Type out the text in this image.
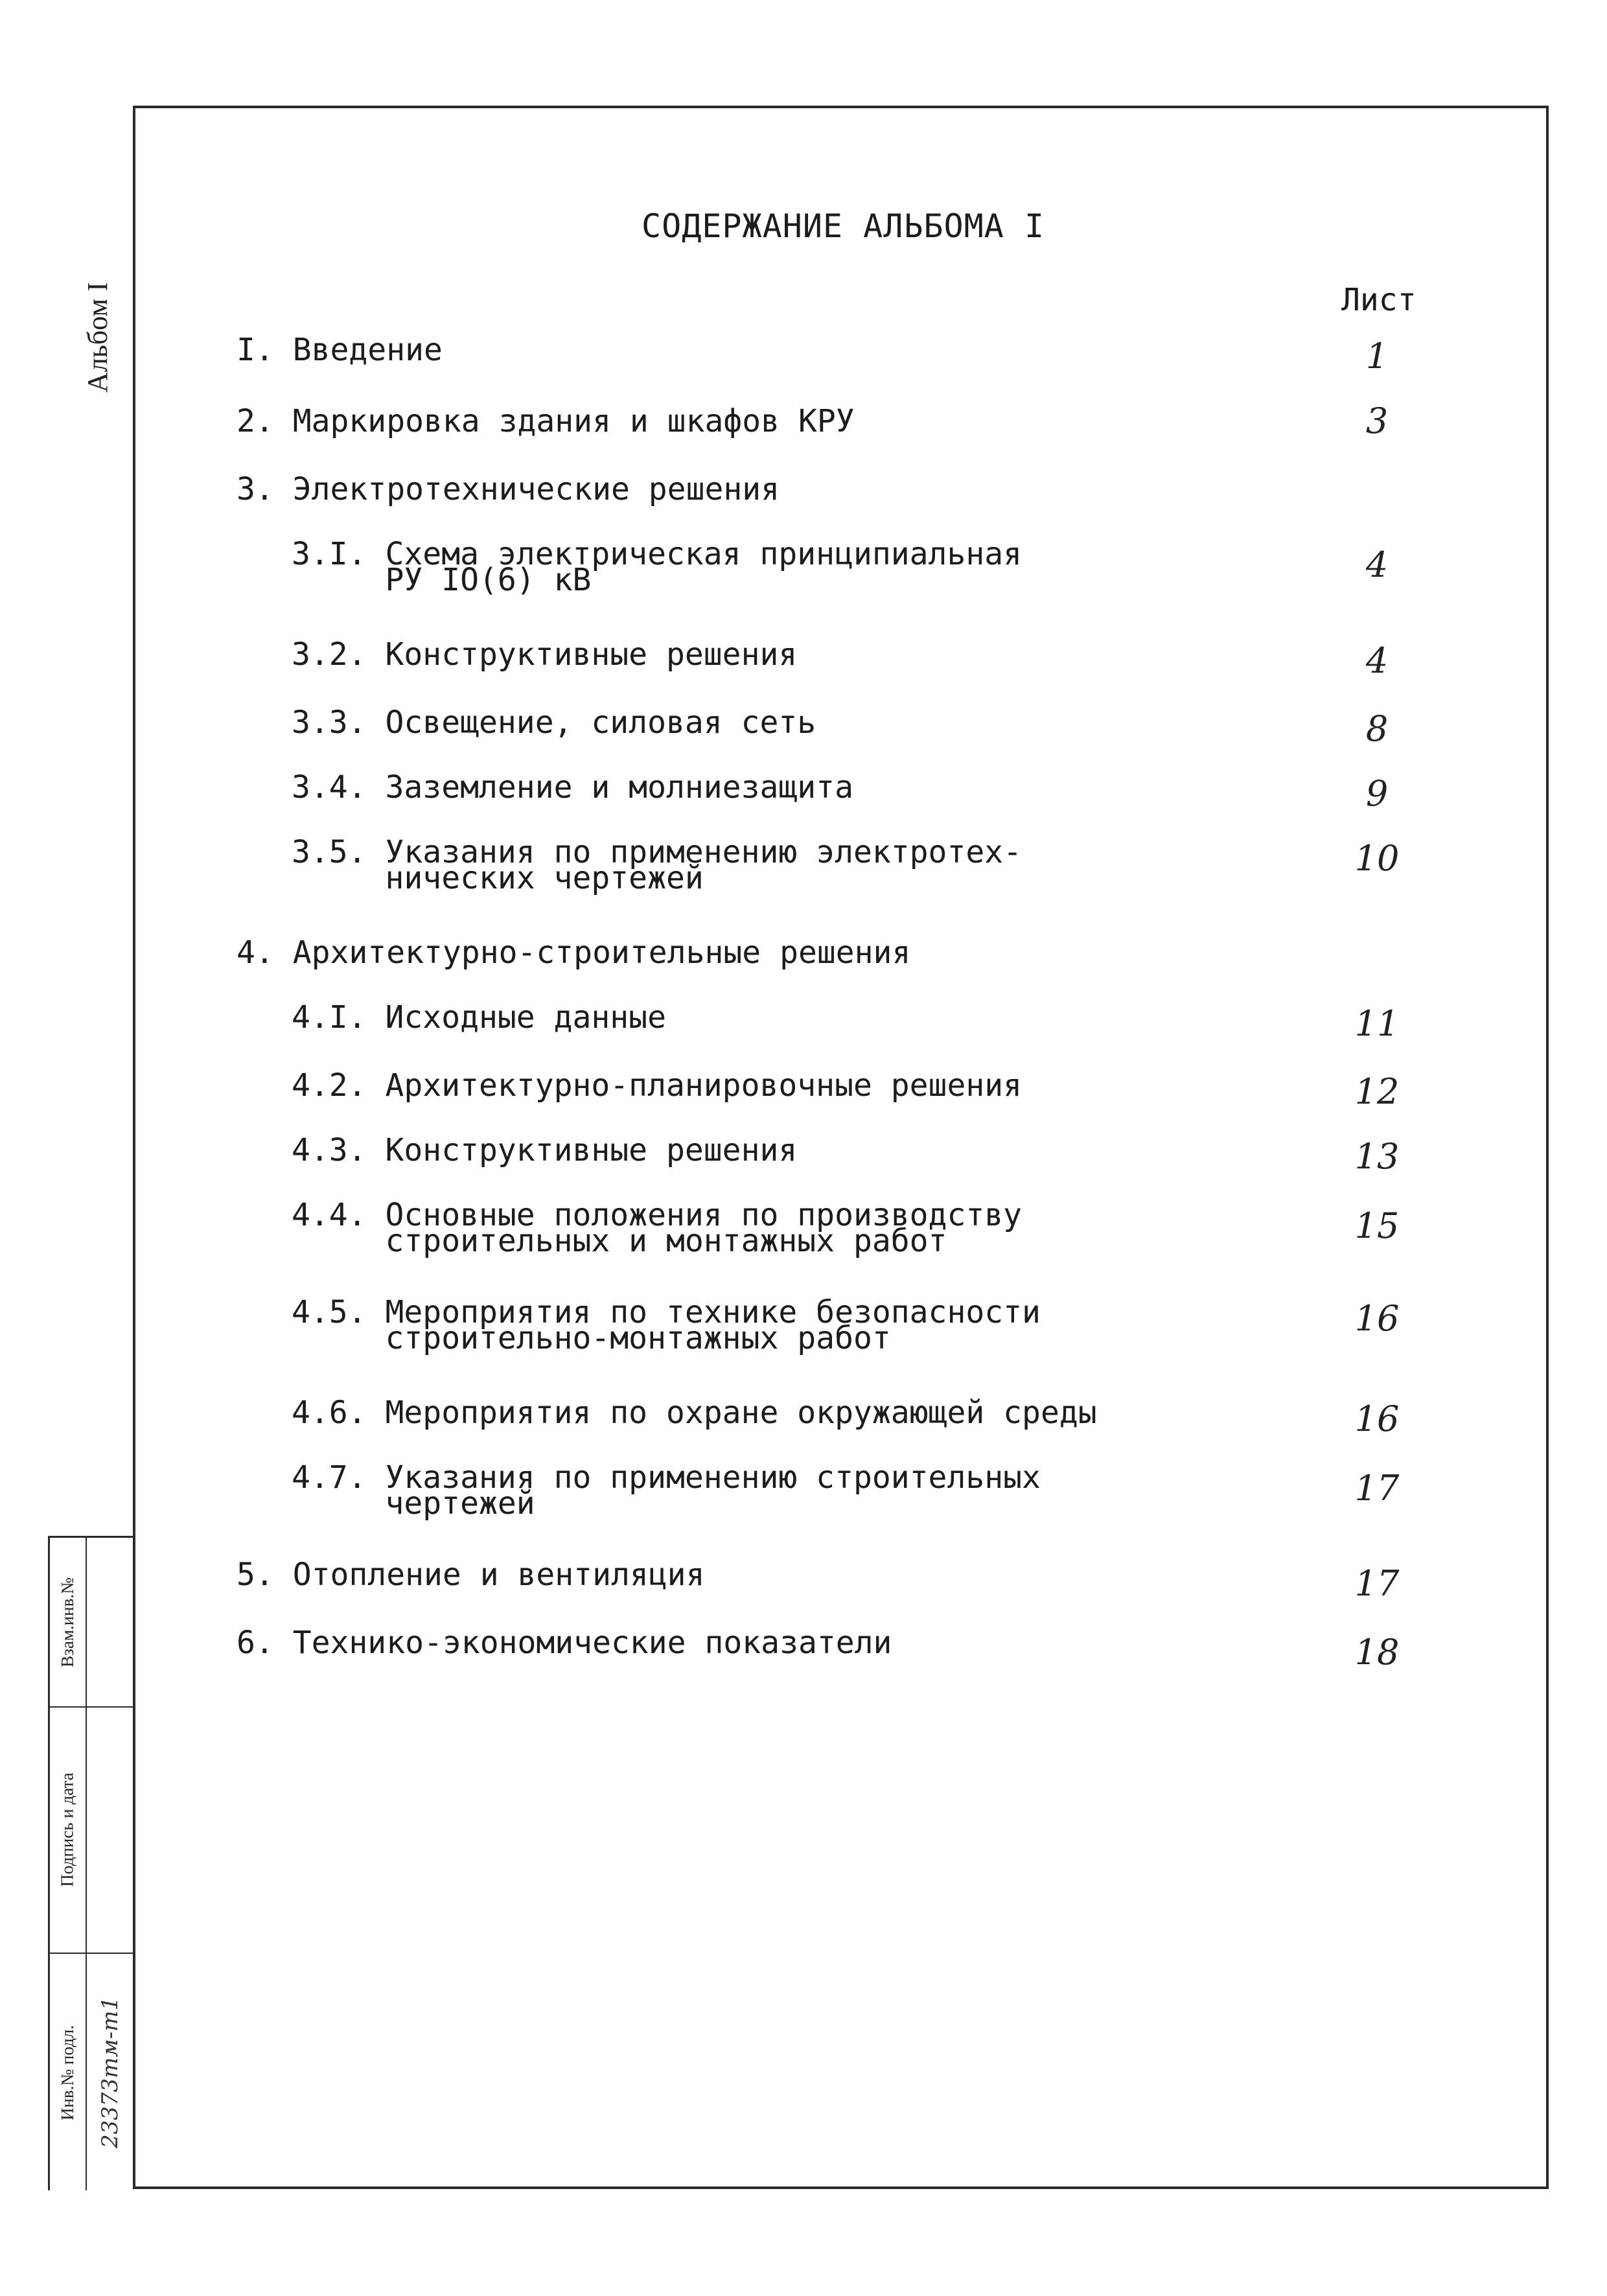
Альбом I
Взам.инв.№
Подпись и дата
Инв.№ подл. 23373тм-т1
СОДЕРЖАНИЕ АЛЬБОМА I
Лист
I. Введение	1
2. Маркировка здания и шкафов КРУ	3
3. Электротехнические решения
3.I. Схема электрическая принципиальная
РУ IO(6) кВ	4
3.2. Конструктивные решения	4
3.3. Освещение, силовая сеть	8
3.4. Заземление и молниезащита	9
3.5. Указания по применению электротех-
нических чертежей	10
4. Архитектурно-строительные решения
4.I. Исходные данные	11
4.2. Архитектурно-планировочные решения	12
4.3. Конструктивные решения	13
4.4. Основные положения по производству
строительных и монтажных работ	15
4.5. Мероприятия по технике безопасности
строительно-монтажных работ	16
4.6. Мероприятия по охране окружающей среды	16
4.7. Указания по применению строительных
чертежей	17
5. Отопление и вентиляция	17
6. Технико-экономические показатели	18
